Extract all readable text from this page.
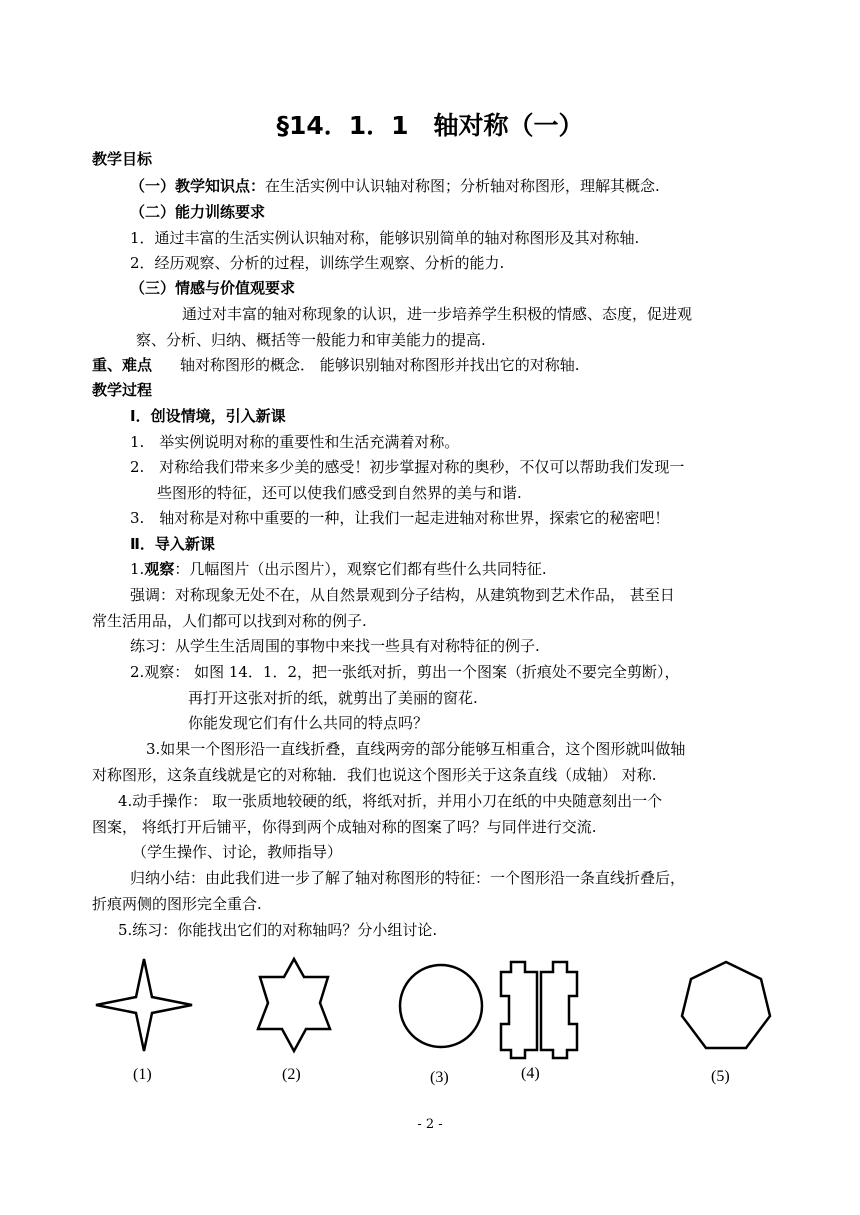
§14．1．1　轴对称（一）
教学目标
（一）教学知识点：在生活实例中认识轴对称图；分析轴对称图形，理解其概念.
（二）能力训练要求
1．通过丰富的生活实例认识轴对称，能够识别简单的轴对称图形及其对称轴.
2．经历观察、分析的过程，训练学生观察、分析的能力.
（三）情感与价值观要求
通过对丰富的轴对称现象的认识，进一步培养学生积极的情感、态度，促进观
察、分析、归纳、概括等一般能力和审美能力的提高.
重、难点 轴对称图形的概念． 能够识别轴对称图形并找出它的对称轴.
教学过程
Ⅰ．创设情境，引入新课
1.　举实例说明对称的重要性和生活充满着对称。
2.　对称给我们带来多少美的感受！初步掌握对称的奥秒，不仅可以帮助我们发现一
些图形的特征，还可以使我们感受到自然界的美与和谐.
3.　轴对称是对称中重要的一种，让我们一起走进轴对称世界，探索它的秘密吧！
Ⅱ．导入新课
1.观察：几幅图片（出示图片），观察它们都有些什么共同特征.
强调：对称现象无处不在，从自然景观到分子结构，从建筑物到艺术作品， 甚至日
常生活用品，人们都可以找到对称的例子.
练习：从学生生活周围的事物中来找一些具有对称特征的例子.
2.观察： 如图 14．1．2，把一张纸对折，剪出一个图案（折痕处不要完全剪断），
再打开这张对折的纸，就剪出了美丽的窗花.
你能发现它们有什么共同的特点吗？
3.如果一个图形沿一直线折叠，直线两旁的部分能够互相重合，这个图形就叫做轴
对称图形，这条直线就是它的对称轴．我们也说这个图形关于这条直线（成轴） 对称.
4.动手操作： 取一张质地较硬的纸，将纸对折，并用小刀在纸的中央随意刻出一个
图案， 将纸打开后铺平，你得到两个成轴对称的图案了吗？与同伴进行交流.
（学生操作、讨论，教师指导）
归纳小结：由此我们进一步了解了轴对称图形的特征：一个图形沿一条直线折叠后，
折痕两侧的图形完全重合.
5.练习：你能找出它们的对称轴吗？分小组讨论.
(1)	(2)	(3)	(4)	(5)
- 2 -
